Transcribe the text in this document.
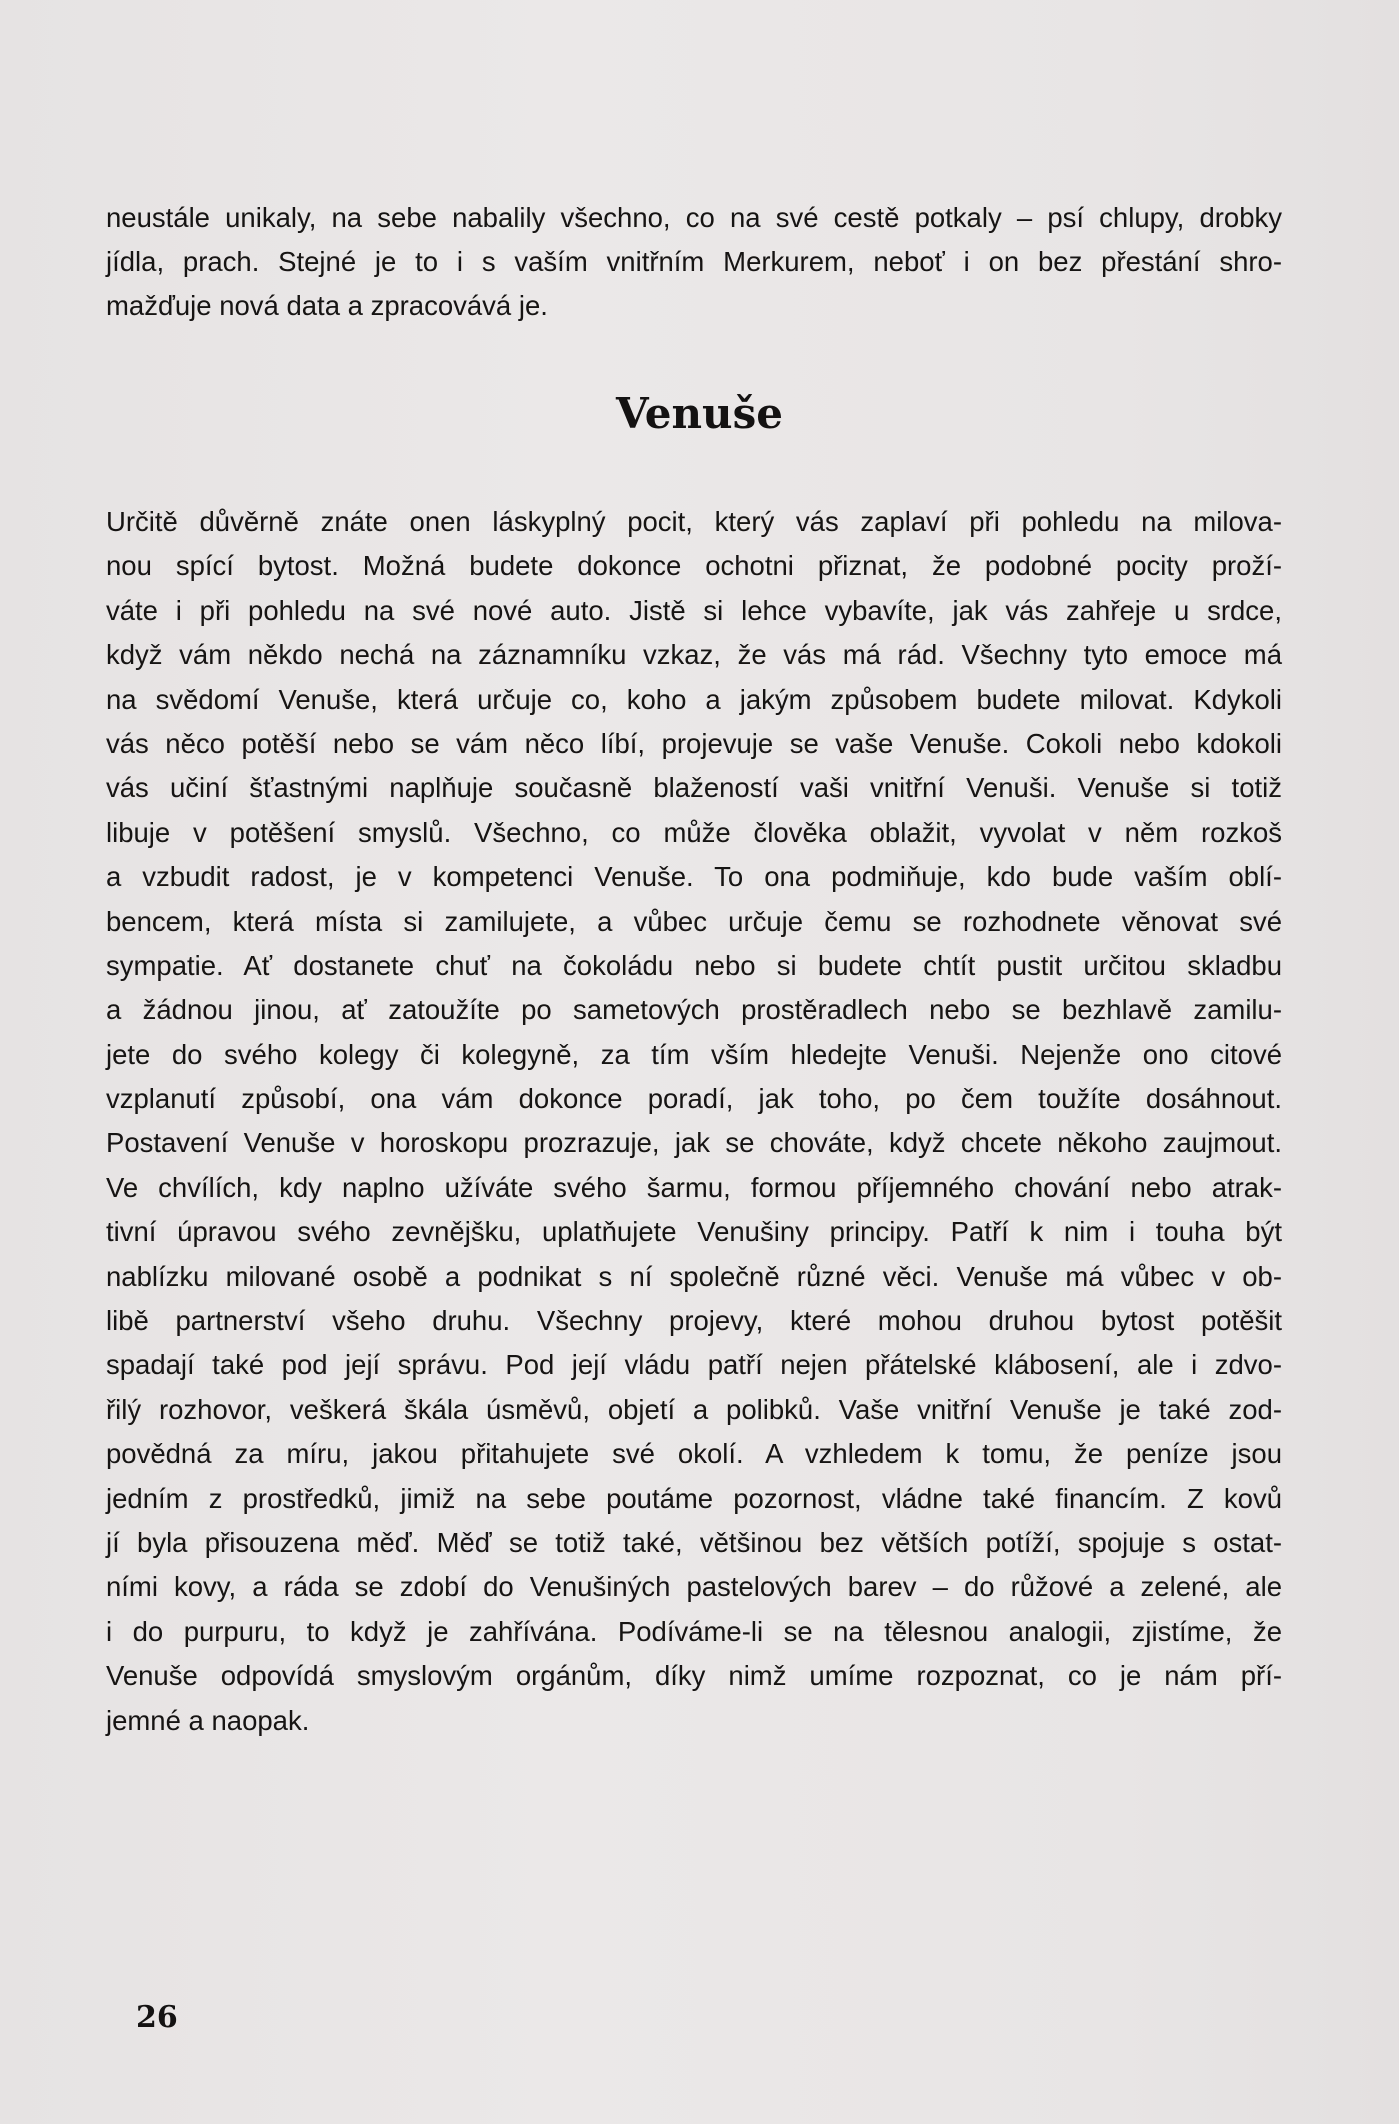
neustále unikaly, na sebe nabalily všechno, co na své cestě potkaly – psí chlupy, drobky
jídla, prach. Stejné je to i s vaším vnitřním Merkurem, neboť i on bez přestání shro-
mažďuje nová data a zpracovává je.
Venuše
Určitě důvěrně znáte onen láskyplný pocit, který vás zaplaví při pohledu na milova-
nou spící bytost. Možná budete dokonce ochotni přiznat, že podobné pocity proží-
váte i při pohledu na své nové auto. Jistě si lehce vybavíte, jak vás zahřeje u srdce,
když vám někdo nechá na záznamníku vzkaz, že vás má rád. Všechny tyto emoce má
na svědomí Venuše, která určuje co, koho a jakým způsobem budete milovat. Kdykoli
vás něco potěší nebo se vám něco líbí, projevuje se vaše Venuše. Cokoli nebo kdokoli
vás učiní šťastnými naplňuje současně blažeností vaši vnitřní Venuši. Venuše si totiž
libuje v potěšení smyslů. Všechno, co může člověka oblažit, vyvolat v něm rozkoš
a vzbudit radost, je v kompetenci Venuše. To ona podmiňuje, kdo bude vaším oblí-
bencem, která místa si zamilujete, a vůbec určuje čemu se rozhodnete věnovat své
sympatie. Ať dostanete chuť na čokoládu nebo si budete chtít pustit určitou skladbu
a žádnou jinou, ať zatoužíte po sametových prostěradlech nebo se bezhlavě zamilu-
jete do svého kolegy či kolegyně, za tím vším hledejte Venuši. Nejenže ono citové
vzplanutí způsobí, ona vám dokonce poradí, jak toho, po čem toužíte dosáhnout.
Postavení Venuše v horoskopu prozrazuje, jak se chováte, když chcete někoho zaujmout.
Ve chvílích, kdy naplno užíváte svého šarmu, formou příjemného chování nebo atrak-
tivní úpravou svého zevnějšku, uplatňujete Venušiny principy. Patří k nim i touha být
nablízku milované osobě a podnikat s ní společně různé věci. Venuše má vůbec v ob-
libě partnerství všeho druhu. Všechny projevy, které mohou druhou bytost potěšit
spadají také pod její správu. Pod její vládu patří nejen přátelské klábosení, ale i zdvo-
řilý rozhovor, veškerá škála úsměvů, objetí a polibků. Vaše vnitřní Venuše je také zod-
povědná za míru, jakou přitahujete své okolí. A vzhledem k tomu, že peníze jsou
jedním z prostředků, jimiž na sebe poutáme pozornost, vládne také financím. Z kovů
jí byla přisouzena měď. Měď se totiž také, většinou bez větších potíží, spojuje s ostat-
ními kovy, a ráda se zdobí do Venušiných pastelových barev – do růžové a zelené, ale
i do purpuru, to když je zahřívána. Podíváme-li se na tělesnou analogii, zjistíme, že
Venuše odpovídá smyslovým orgánům, díky nimž umíme rozpoznat, co je nám pří-
jemné a naopak.
26
